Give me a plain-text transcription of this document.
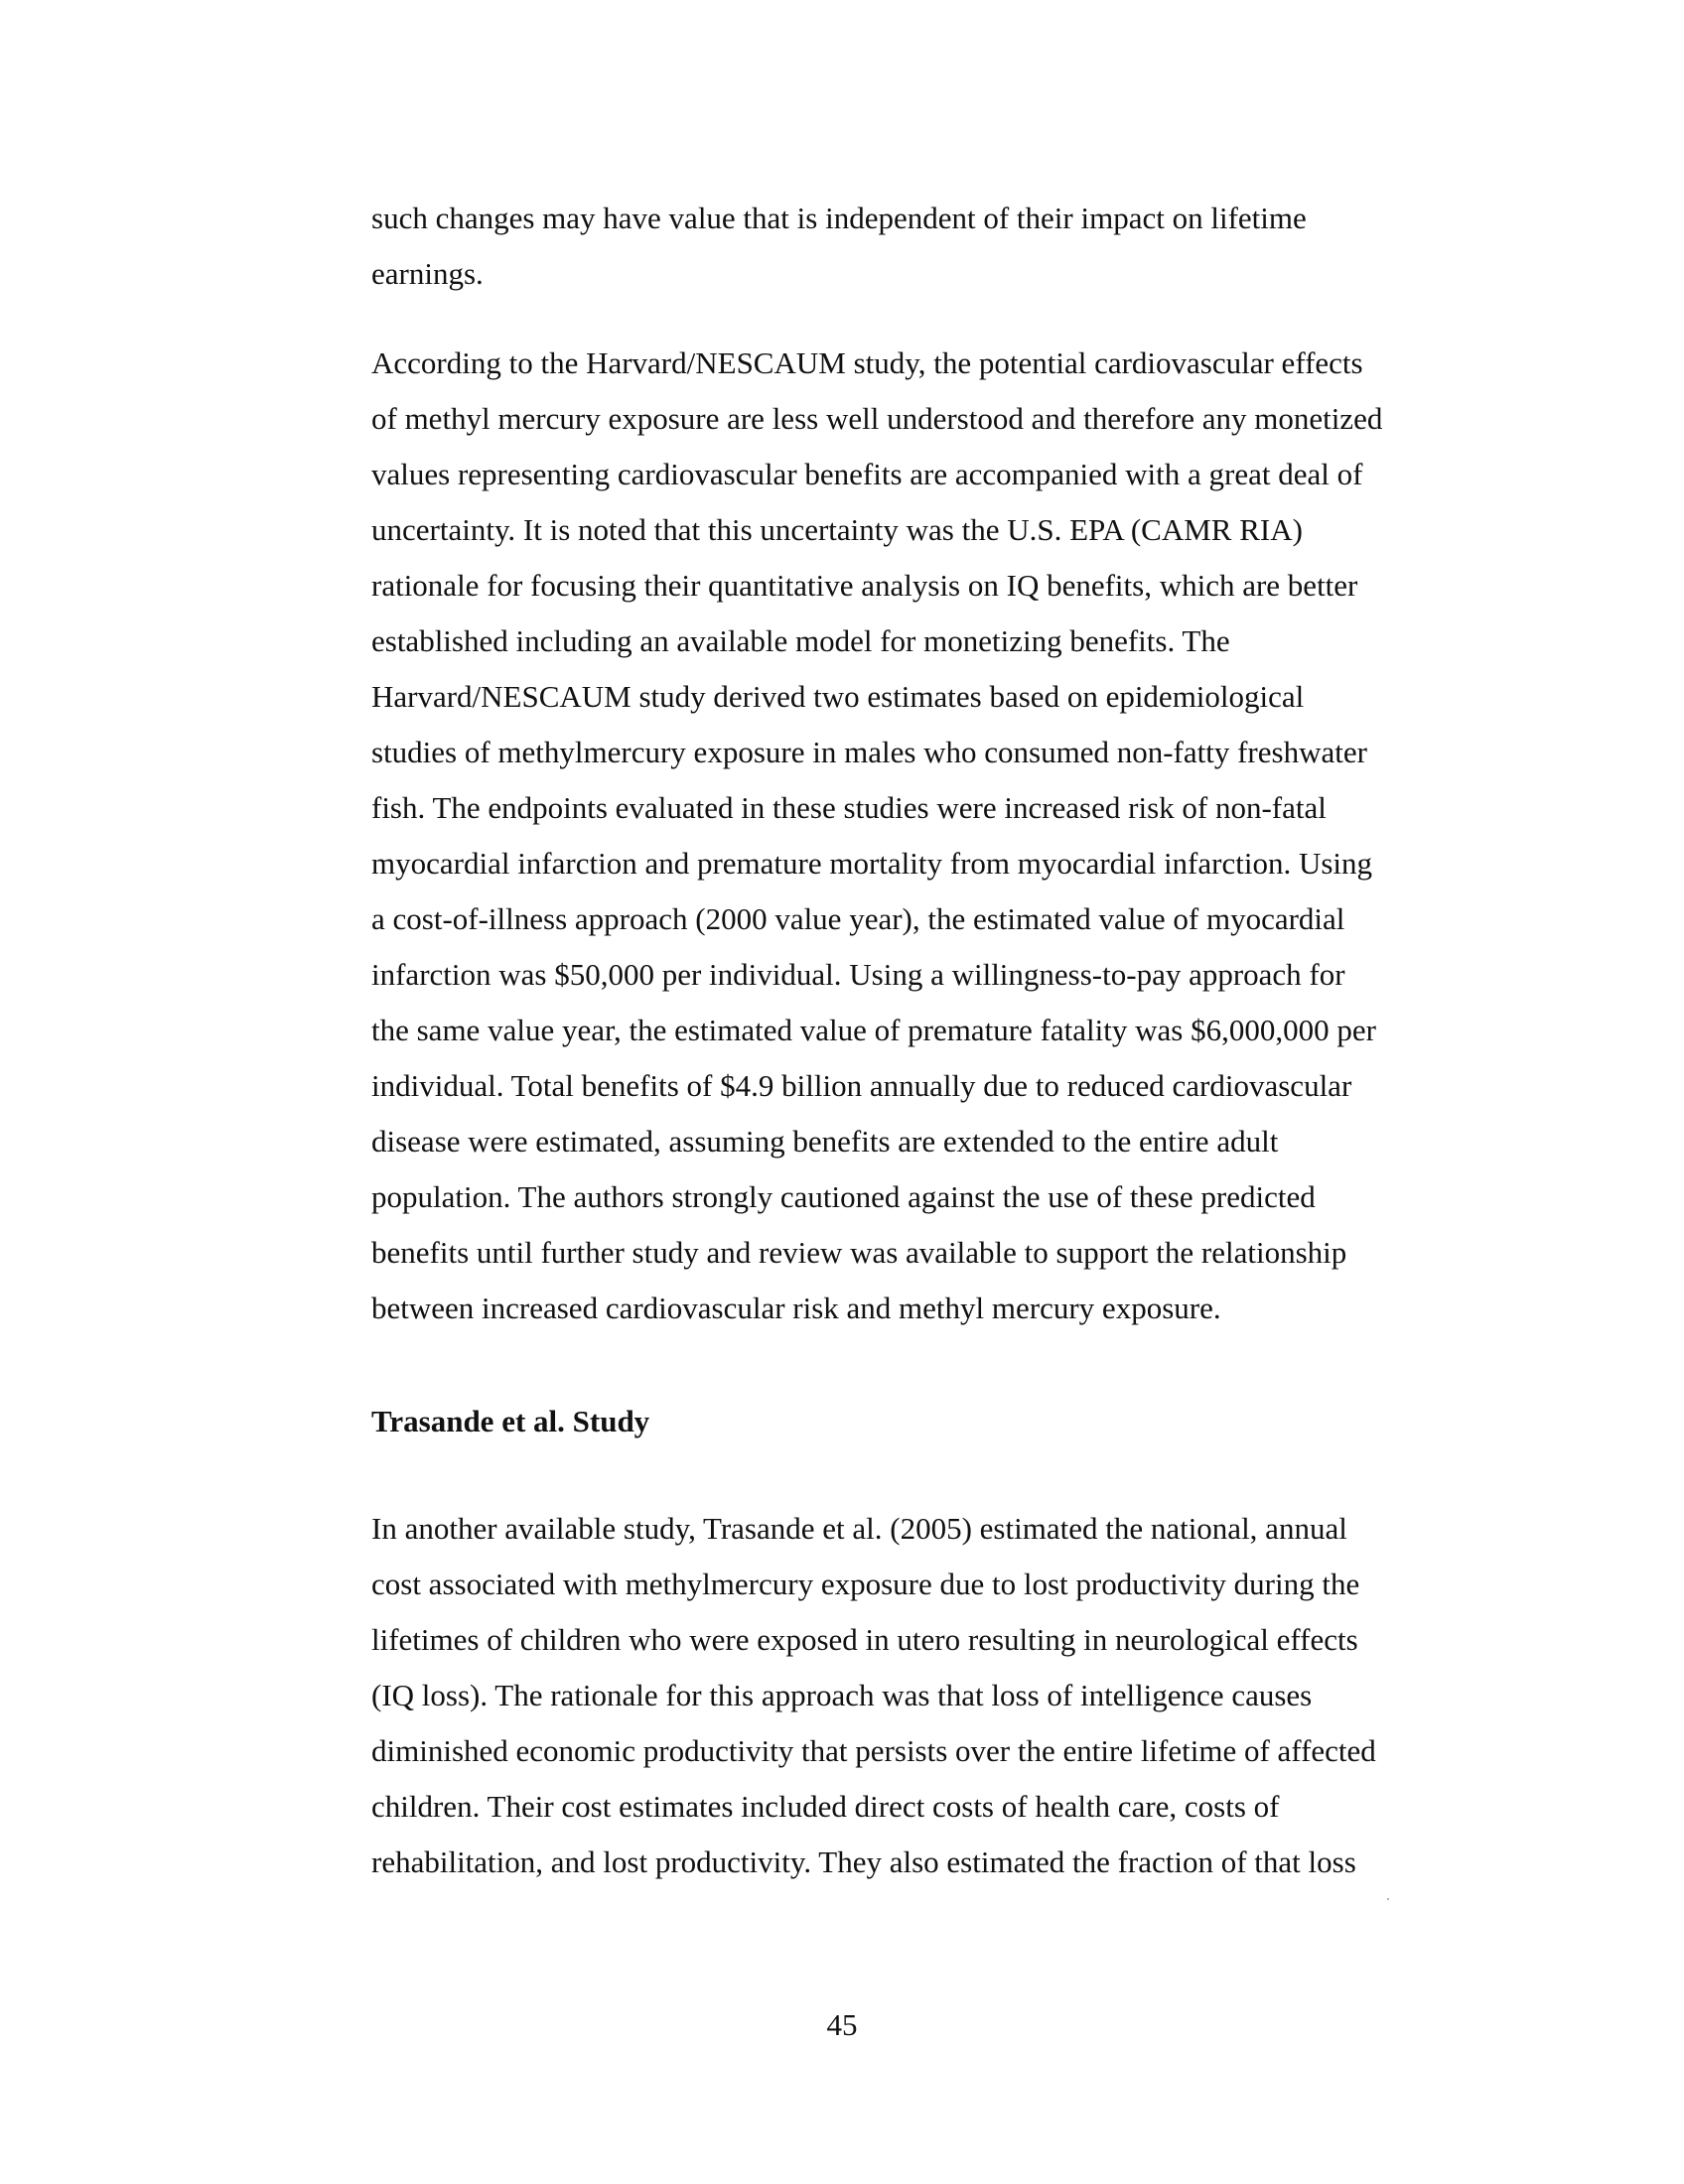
such changes may have value that is independent of their impact on lifetime
earnings.
According to the Harvard/NESCAUM study, the potential cardiovascular effects
of methyl mercury exposure are less well understood and therefore any monetized
values representing cardiovascular benefits are accompanied with a great deal of
uncertainty. It is noted that this uncertainty was the U.S. EPA (CAMR RIA)
rationale for focusing their quantitative analysis on IQ benefits, which are better
established including an available model for monetizing benefits. The
Harvard/NESCAUM study derived two estimates based on epidemiological
studies of methylmercury exposure in males who consumed non-fatty freshwater
fish. The endpoints evaluated in these studies were increased risk of non-fatal
myocardial infarction and premature mortality from myocardial infarction. Using
a cost-of-illness approach (2000 value year), the estimated value of myocardial
infarction was $50,000 per individual. Using a willingness-to-pay approach for
the same value year, the estimated value of premature fatality was $6,000,000 per
individual. Total benefits of $4.9 billion annually due to reduced cardiovascular
disease were estimated, assuming benefits are extended to the entire adult
population. The authors strongly cautioned against the use of these predicted
benefits until further study and review was available to support the relationship
between increased cardiovascular risk and methyl mercury exposure.
Trasande et al. Study
In another available study, Trasande et al. (2005) estimated the national, annual
cost associated with methylmercury exposure due to lost productivity during the
lifetimes of children who were exposed in utero resulting in neurological effects
(IQ loss). The rationale for this approach was that loss of intelligence causes
diminished economic productivity that persists over the entire lifetime of affected
children. Their cost estimates included direct costs of health care, costs of
rehabilitation, and lost productivity. They also estimated the fraction of that loss
45
